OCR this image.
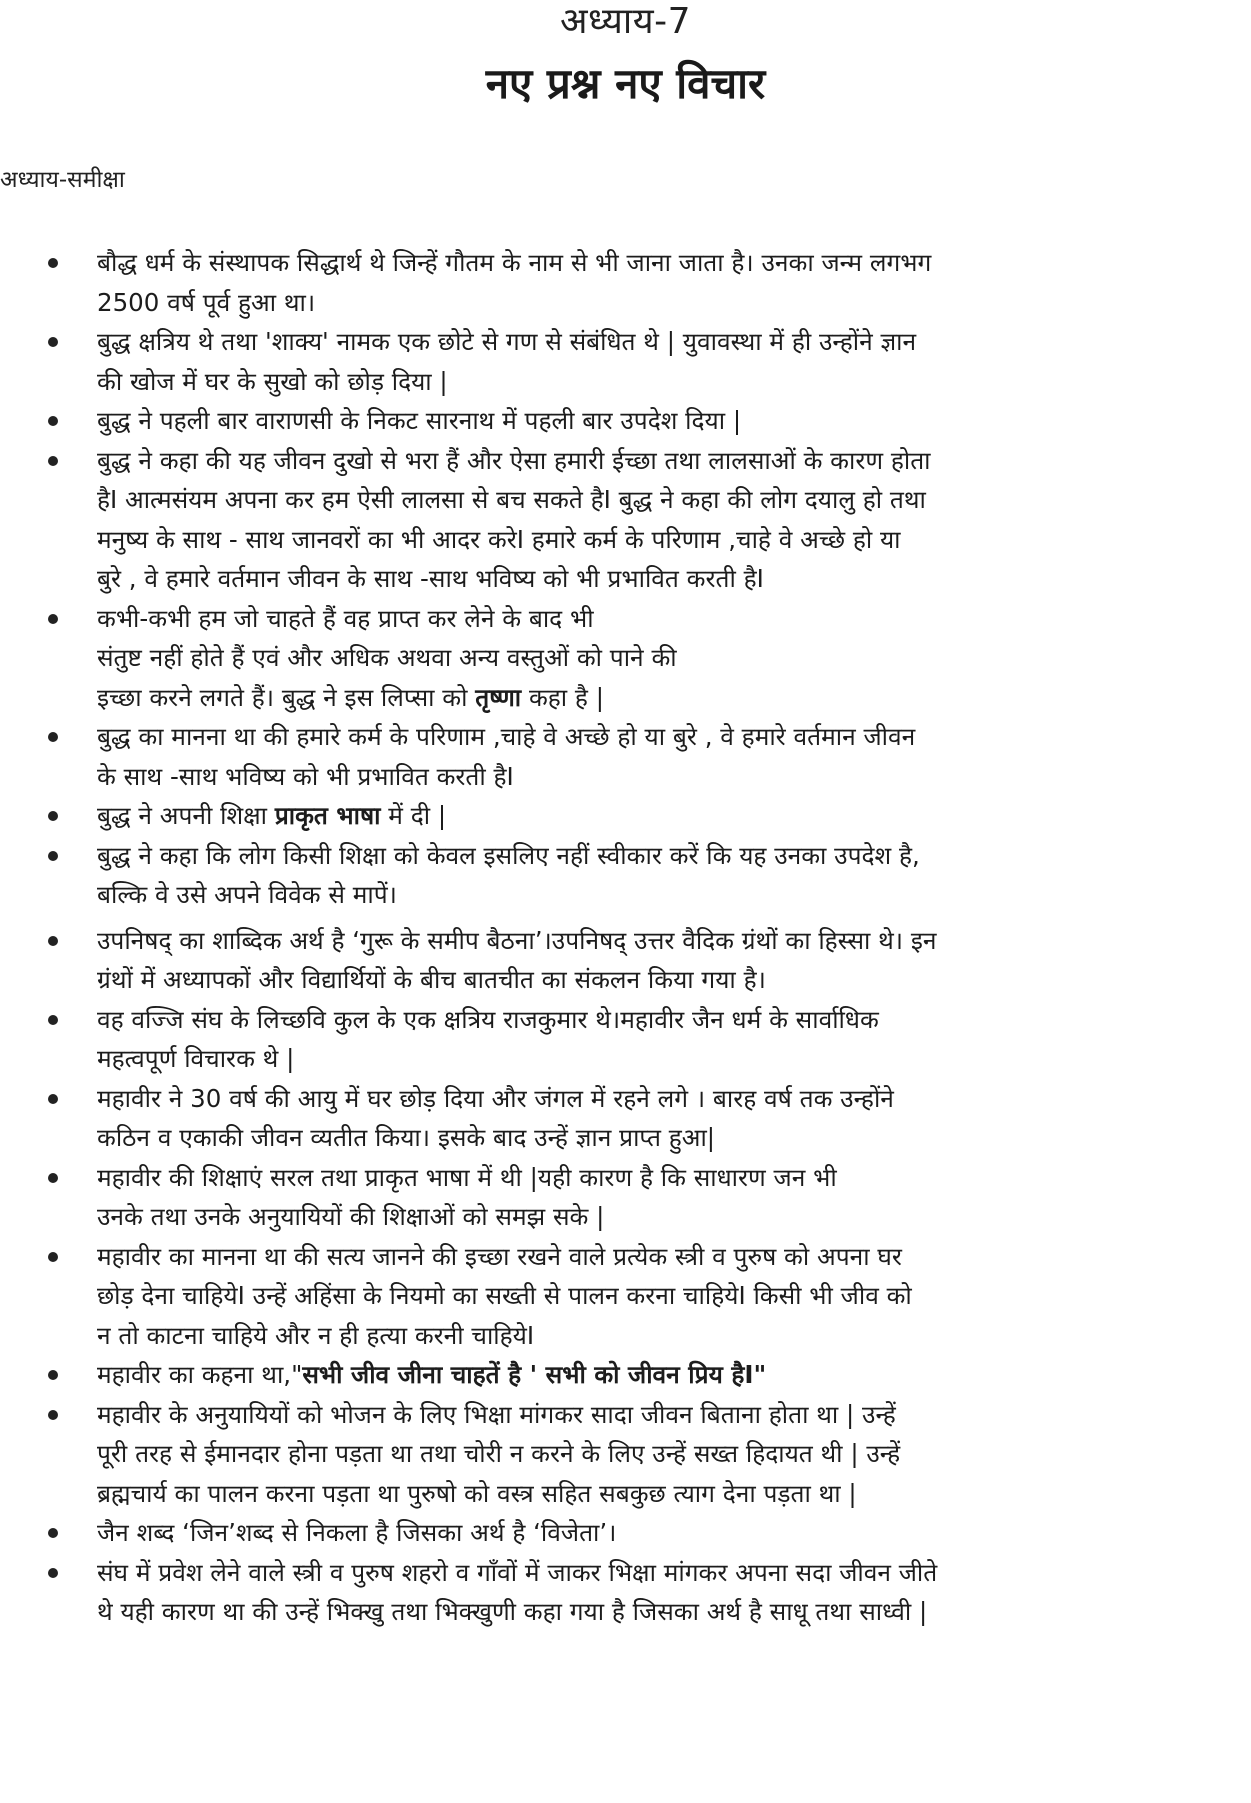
अध्याय-7
नए प्रश्न नए विचार
अध्याय-समीक्षा
बौद्ध धर्म के संस्थापक सिद्धार्थ थे जिन्हें गौतम के नाम से भी जाना जाता है। उनका जन्म लगभग
2500 वर्ष पूर्व हुआ था।
बुद्ध क्षत्रिय थे तथा 'शाक्य' नामक एक छोटे से गण से संबंधित थे | युवावस्था में ही उन्होंने ज्ञान
की खोज में घर के सुखो को छोड़ दिया |
बुद्ध ने पहली बार वाराणसी के निकट सारनाथ में पहली बार उपदेश दिया |
बुद्ध ने कहा की यह जीवन दुखो से भरा हैं और ऐसा हमारी ईच्छा तथा लालसाओं के कारण होता
हैI आत्मसंयम अपना कर हम ऐसी लालसा से बच सकते हैI बुद्ध ने कहा की लोग दयालु हो तथा
मनुष्य के साथ - साथ जानवरों का भी आदर करेI हमारे कर्म के परिणाम ,चाहे वे अच्छे हो या
बुरे , वे हमारे वर्तमान जीवन के साथ -साथ भविष्य को भी प्रभावित करती हैI
कभी-कभी हम जो चाहते हैं वह प्राप्त कर लेने के बाद भी
संतुष्ट नहीं होते हैं एवं और अधिक अथवा अन्य वस्तुओं को पाने की
इच्छा करने लगते हैं। बुद्ध ने इस लिप्सा को तृष्णा कहा है |
बुद्ध का मानना था की हमारे कर्म के परिणाम ,चाहे वे अच्छे हो या बुरे , वे हमारे वर्तमान जीवन
के साथ -साथ भविष्य को भी प्रभावित करती हैI
बुद्ध ने अपनी शिक्षा प्राकृत भाषा में दी |
बुद्ध ने कहा कि लोग किसी शिक्षा को केवल इसलिए नहीं स्वीकार करें कि यह उनका उपदेश है,
बल्कि वे उसे अपने विवेक से मापें।
उपनिषद् का शाब्दिक अर्थ है ‘गुरू के समीप बैठना’।उपनिषद् उत्तर वैदिक ग्रंथों का हिस्सा थे। इन
ग्रंथों में अध्यापकों और विद्यार्थियों के बीच बातचीत का संकलन किया गया है।
वह वज्जि संघ के लिच्छवि कुल के एक क्षत्रिय राजकुमार थे।महावीर जैन धर्म के सार्वाधिक
महत्वपूर्ण विचारक थे |
महावीर ने 30 वर्ष की आयु में घर छोड़ दिया और जंगल में रहने लगे । बारह वर्ष तक उन्होंने
कठिन व एकाकी जीवन व्यतीत किया। इसके बाद उन्हें ज्ञान प्राप्त हुआ|
महावीर की शिक्षाएं सरल तथा प्राकृत भाषा में थी |यही कारण है कि साधारण जन भी
उनके तथा उनके अनुयायियों की शिक्षाओं को समझ सके |
महावीर का मानना था की सत्य जानने की इच्छा रखने वाले प्रत्येक स्त्री व पुरुष को अपना घर
छोड़ देना चाहियेI उन्हें अहिंसा के नियमो का सख्ती से पालन करना चाहियेI किसी भी जीव को
न तो काटना चाहिये और न ही हत्या करनी चाहियेI
महावीर का कहना था,"सभी जीव जीना चाहतें है ' सभी को जीवन प्रिय हैI"
महावीर के अनुयायियों को भोजन के लिए भिक्षा मांगकर सादा जीवन बिताना होता था | उन्हें
पूरी तरह से ईमानदार होना पड़ता था तथा चोरी न करने के लिए उन्हें सख्त हिदायत थी | उन्हें
ब्रह्मचार्य का पालन करना पड़ता था पुरुषो को वस्त्र सहित सबकुछ त्याग देना पड़ता था |
जैन शब्द ‘जिन’शब्द से निकला है जिसका अर्थ है ‘विजेता’।
संघ में प्रवेश लेने वाले स्त्री व पुरुष शहरो व गाँवों में जाकर भिक्षा मांगकर अपना सदा जीवन जीते
थे यही कारण था की उन्हें भिक्खु तथा भिक्खुणी कहा गया है जिसका अर्थ है साधू तथा साध्वी |
